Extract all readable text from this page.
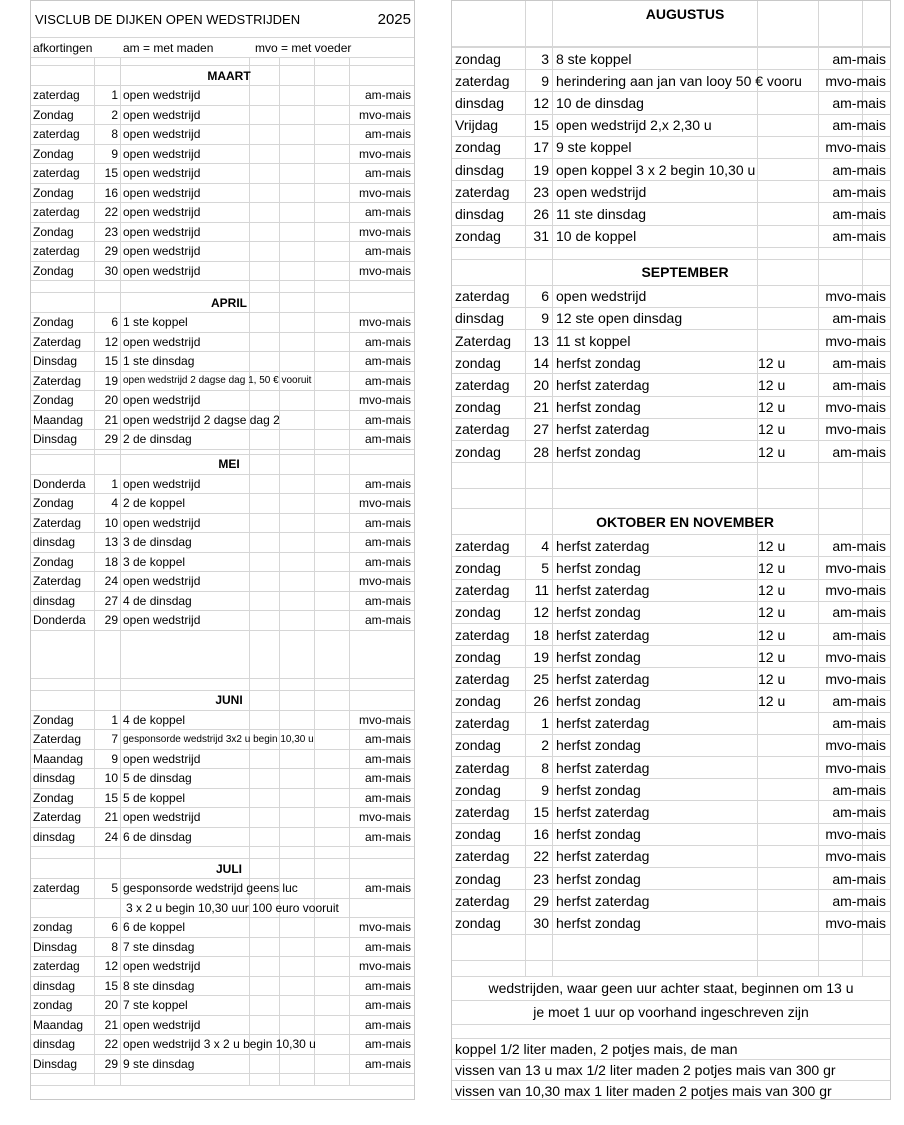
VISCLUB DE DIJKEN OPEN WEDSTRIJDEN	2025
afkortingen	am = met maden	mvo = met voeder
MAART
zaterdag	1 open wedstrijd	am-mais
Zondag	2 open wedstrijd	mvo-mais
zaterdag	8 open wedstrijd	am-mais
Zondag	9 open wedstrijd	mvo-mais
zaterdag	15 open wedstrijd	am-mais
Zondag	16 open wedstrijd	mvo-mais
zaterdag	22 open wedstrijd	am-mais
Zondag	23 open wedstrijd	mvo-mais
zaterdag	29 open wedstrijd	am-mais
Zondag	30 open wedstrijd	mvo-mais
APRIL
Zondag	6 1 ste koppel	mvo-mais
Zaterdag	12 open wedstrijd	am-mais
Dinsdag	15 1 ste dinsdag	am-mais
Zaterdag	19 open wedstrijd 2 dagse dag 1, 50 € vooruit	am-mais
Zondag	20 open wedstrijd	mvo-mais
Maandag	21 open wedstrijd 2 dagse dag 2	am-mais
Dinsdag	29 2 de dinsdag	am-mais
MEI
Donderda	1 open wedstrijd	am-mais
Zondag	4 2 de koppel	mvo-mais
Zaterdag	10 open wedstrijd	am-mais
dinsdag	13 3 de dinsdag	am-mais
Zondag	18 3 de koppel	am-mais
Zaterdag	24 open wedstrijd	mvo-mais
dinsdag	27 4 de dinsdag	am-mais
Donderda	29 open wedstrijd	am-mais
JUNI
Zondag	1 4 de koppel	mvo-mais
Zaterdag	7 gesponsorde wedstrijd 3x2 u begin 10,30 u	am-mais
Maandag	9 open wedstrijd	am-mais
dinsdag	10 5 de dinsdag	am-mais
Zondag	15 5 de koppel	am-mais
Zaterdag	21 open wedstrijd	mvo-mais
dinsdag	24 6 de dinsdag	am-mais
JULI
zaterdag	5 gesponsorde wedstrijd geens luc	am-mais
3 x 2 u begin 10,30 uur 100 euro vooruit
zondag	6 6 de koppel	mvo-mais
Dinsdag	8 7 ste dinsdag	am-mais
zaterdag	12 open wedstrijd	mvo-mais
dinsdag	15 8 ste dinsdag	am-mais
zondag	20 7 ste koppel	am-mais
Maandag	21 open wedstrijd	am-mais
dinsdag	22 open wedstrijd 3 x 2 u begin 10,30 u	am-mais
Dinsdag	29 9 ste dinsdag	am-mais
AUGUSTUS
zondag	3 8 ste koppel	am-mais
zaterdag	9 herindering aan jan van looy 50 € vooru	mvo-mais
dinsdag	12 10 de dinsdag	am-mais
Vrijdag	15 open wedstrijd 2,x 2,30 u	am-mais
zondag	17 9 ste koppel	mvo-mais
dinsdag	19 open koppel 3 x 2 begin 10,30 u	am-mais
zaterdag	23 open wedstrijd	am-mais
dinsdag	26 11 ste dinsdag	am-mais
zondag	31 10 de koppel	am-mais
SEPTEMBER
zaterdag	6 open wedstrijd	mvo-mais
dinsdag	9 12 ste open dinsdag	am-mais
Zaterdag	13 11 st koppel	mvo-mais
zondag	14 herfst zondag	12 u	am-mais
zaterdag	20 herfst zaterdag	12 u	am-mais
zondag	21 herfst zondag	12 u	mvo-mais
zaterdag	27 herfst zaterdag	12 u	mvo-mais
zondag	28 herfst zondag	12 u	am-mais
OKTOBER EN NOVEMBER
zaterdag	4 herfst zaterdag	12 u	am-mais
zondag	5 herfst zondag	12 u	mvo-mais
zaterdag	11 herfst zaterdag	12 u	mvo-mais
zondag	12 herfst zondag	12 u	am-mais
zaterdag	18 herfst zaterdag	12 u	am-mais
zondag	19 herfst zondag	12 u	mvo-mais
zaterdag	25 herfst zaterdag	12 u	mvo-mais
zondag	26 herfst zondag	12 u	am-mais
zaterdag	1 herfst zaterdag	am-mais
zondag	2 herfst zondag	mvo-mais
zaterdag	8 herfst zaterdag	mvo-mais
zondag	9 herfst zondag	am-mais
zaterdag	15 herfst zaterdag	am-mais
zondag	16 herfst zondag	mvo-mais
zaterdag	22 herfst zaterdag	mvo-mais
zondag	23 herfst zondag	am-mais
zaterdag	29 herfst zaterdag	am-mais
zondag	30 herfst zondag	mvo-mais
wedstrijden, waar geen uur achter staat, beginnen om 13 u
je moet 1 uur op voorhand ingeschreven zijn
koppel 1/2 liter maden, 2 potjes mais, de man
vissen van 13 u max 1/2 liter maden 2 potjes mais van 300 gr
vissen van 10,30 max 1 liter maden 2 potjes mais van 300 gr
